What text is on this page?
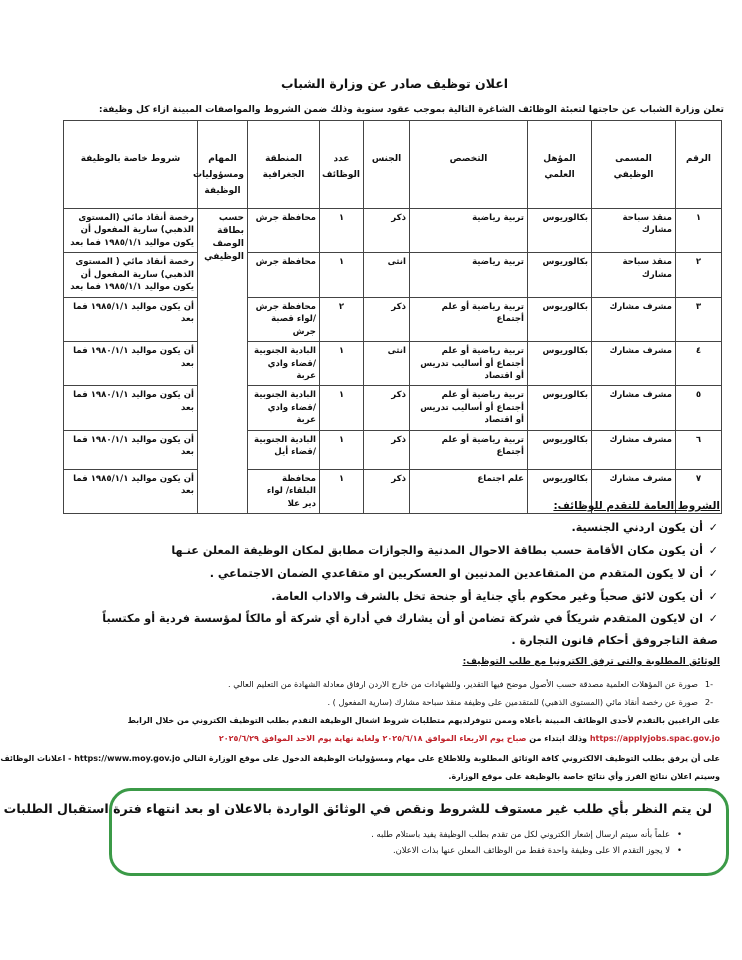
اعلان توظيف صادر عن وزارة الشباب
تعلن وزارة الشباب عن حاجتها لتعبئة الوظائف الشاغرة التالية بموجب عقود سنوية وذلك ضمن الشروط والمواصفات المبينة ازاء كل وظيفة:
الرقم	المسمى الوظيفي	المؤهل العلمي	التخصص	الجنس	عدد الوظائف	المنطقة الجغرافية	المهام ومسؤوليات الوظيفة	شروط خاصة بالوظيفة
١	منقذ سباحة مشارك	بكالوريوس	تربية رياضية	ذكر	١	محافظة جرش	حسب بطاقة الوصف الوظيفي	رخصة أنقاذ مائي (المستوى الذهبي) سارية المفعول أن يكون مواليد ١٩٨٥/١/١ فما بعد
٢	منقذ سباحة مشارك	بكالوريوس	تربية رياضية	انثى	١	محافظة جرش		رخصة أنقاذ مائي ( المستوى الذهبي) سارية المفعول أن يكون مواليد ١٩٨٥/١/١ فما بعد
٣	مشرف مشارك	بكالوريوس	تربية رياضية أو علم أجتماع	ذكر	٢	محافظة جرش /لواء قصبة جرش		أن يكون مواليد ١٩٨٥/١/١ فما بعد
٤	مشرف مشارك	بكالوريوس	تربية رياضية أو علم أجتماع أو أساليب تدريس أو اقتصاد	انثى	١	البادية الجنوبية /قضاء وادي عربة		أن يكون مواليد ١٩٨٠/١/١ فما بعد
٥	مشرف مشارك	بكالوريوس	تربية رياضية أو علم أجتماع أو أساليب تدريس أو اقتصاد	ذكر	١	البادية الجنوبية /قضاء وادي عربة		أن يكون مواليد ١٩٨٠/١/١ فما بعد
٦	مشرف مشارك	بكالوريوس	تربية رياضية أو علم أجتماع	ذكر	١	البادية الجنوبية /قضاء أيل		أن يكون مواليد ١٩٨٠/١/١ فما بعد
٧	مشرف مشارك	بكالوريوس	علم اجتماع	ذكر	١	محافظة البلقاء/ لواء دير علا		أن يكون مواليد ١٩٨٥/١/١ فما بعد
الشروط العامة للتقدم للوظائف:
✓أن يكون اردني الجنسية.
✓أن يكون مكان الأقامة حسب بطاقة الاحوال المدنية والجوازات مطابق لمكان الوظيفة المعلن عنـها
✓أن لا يكون المتقدم من المتقاعدين المدنيين او العسكريين او متقاعدي الضمان الاجتماعي .
✓أن يكون لائق صحياً وغير محكوم بأي جناية أو جنحة تخل بالشرف والاداب العامة.
✓ان لايكون المتقدم شريكاً في شركة تضامن أو أن يشارك في أدارة أي شركة أو مالكاً لمؤسسة فردية أو مكتسباً صفة التاجروفق أحكام قانون التجارة .
الوثائق المطلوبة والتي ترفق الكترونيا مع طلب التوظيف:
-1صورة عن المؤهلات العلمية مصدقة حسب الأصول موضح فيها التقدير، وللشهادات من خارج الاردن ارفاق معادلة الشهادة من التعليم العالي .
-2صورة عن رخصة أنقاذ مائي (المستوى الذهبي) للمتقدمين على وظيفة منقذ سباحة مشارك (سارية المفعول ) .
على الراغبين بالتقدم لأحدى الوظائف المبينة بأعلاه وممن تتوفرلديهم متطلبات شروط اشغال الوظيفة التقدم بطلب التوظيف الكتروني من خلال الرابط
https://applyjobs.spac.gov.jo وذلك ابتداء من صباح يوم الاربعاء الموافق ٢٠٢٥/٦/١٨ ولغاية نهاية يوم الاحد الموافق ٢٠٢٥/٦/٢٩
على أن يرفق بطلب التوظيف الالكتروني كافة الوثائق المطلوبة وللاطلاع على مهام ومسؤوليات الوظيفة الدخول على موقع الوزارة التالي https://www.moy.gov.jo - اعلانات الوظائف
وسيتم اعلان نتائج الفرز وأي نتائج خاصة بالوظيفة على موقع الوزارة.
لن يتم النظر بأي طلب غير مستوف للشروط ونقص في الوثائق الواردة بالاعلان او بعد انتهاء فترة استقبال الطلبات
•علماً بأنه سيتم ارسال إشعار الكتروني لكل من تقدم بطلب الوظيفة يفيد باستلام طلبه .
•لا يجوز التقدم الا على وظيفة واحدة فقط من الوظائف المعلن عنها بذات الاعلان.
